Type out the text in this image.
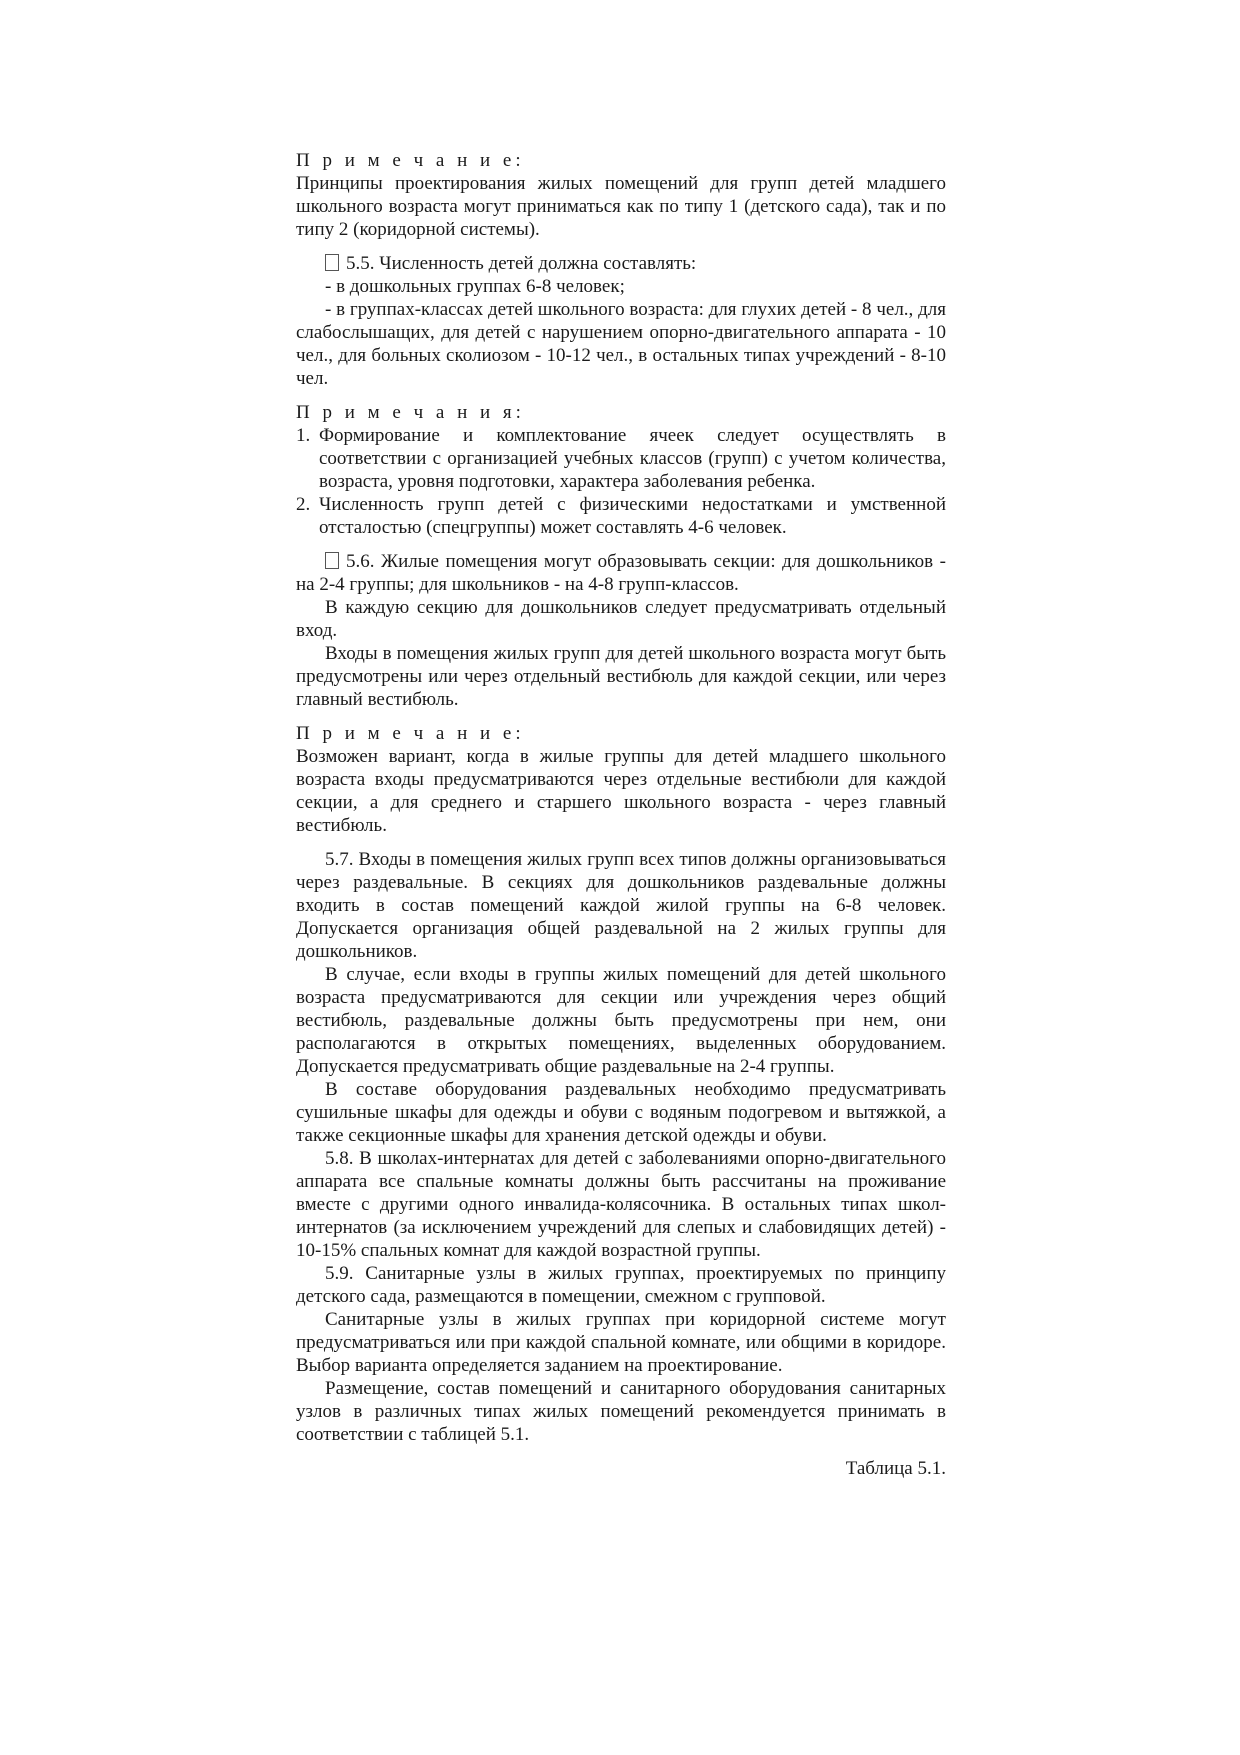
П р и м е ч а н и е:

Принципы проектирования жилых помещений для групп детей младшего школьного возраста могут приниматься как по типу 1 (детского сада), так и по типу 2 (коридорной системы).

5.5. Численность детей должна составлять:

- в дошкольных группах 6-8 человек;

- в группах-классах детей школьного возраста: для глухих детей - 8 чел., для слабослышащих, для детей с нарушением опорно-двигательного аппарата - 10 чел., для больных сколиозом - 10-12 чел., в остальных типах учреждений - 8-10 чел.

П р и м е ч а н и я:
1. Формирование и комплектование ячеек следует осуществлять в соответствии с организацией учебных классов (групп) с учетом количества, возраста, уровня подготовки, характера заболевания ребенка.
2. Численность групп детей с физическими недостатками и умственной отсталостью (спецгруппы) может составлять 4-6 человек.

5.6. Жилые помещения могут образовывать секции: для дошкольников - на 2-4 группы; для школьников - на 4-8 групп-классов.

В каждую секцию для дошкольников следует предусматривать отдельный вход.

Входы в помещения жилых групп для детей школьного возраста могут быть предусмотрены или через отдельный вестибюль для каждой секции, или через главный вестибюль.

П р и м е ч а н и е:

Возможен вариант, когда в жилые группы для детей младшего школьного возраста входы предусматриваются через отдельные вестибюли для каждой секции, а для среднего и старшего школьного возраста - через главный вестибюль.

5.7. Входы в помещения жилых групп всех типов должны организовываться через раздевальные. В секциях для дошкольников раздевальные должны входить в состав помещений каждой жилой группы на 6-8 человек. Допускается организация общей раздевальной на 2 жилых группы для дошкольников.

В случае, если входы в группы жилых помещений для детей школьного возраста предусматриваются для секции или учреждения через общий вестибюль, раздевальные должны быть предусмотрены при нем, они располагаются в открытых помещениях, выделенных оборудованием. Допускается предусматривать общие раздевальные на 2-4 группы.

В составе оборудования раздевальных необходимо предусматривать сушильные шкафы для одежды и обуви с водяным подогревом и вытяжкой, а также секционные шкафы для хранения детской одежды и обуви.

5.8. В школах-интернатах для детей с заболеваниями опорно-двигательного аппарата все спальные комнаты должны быть рассчитаны на проживание вместе с другими одного инвалида-колясочника. В остальных типах школ-интернатов (за исключением учреждений для слепых и слабовидящих детей) - 10-15% спальных комнат для каждой возрастной группы.

5.9. Санитарные узлы в жилых группах, проектируемых по принципу детского сада, размещаются в помещении, смежном с групповой.

Санитарные узлы в жилых группах при коридорной системе могут предусматриваться или при каждой спальной комнате, или общими в коридоре. Выбор варианта определяется заданием на проектирование.

Размещение, состав помещений и санитарного оборудования санитарных узлов в различных типах жилых помещений рекомендуется принимать в соответствии с таблицей 5.1.

Таблица 5.1.
